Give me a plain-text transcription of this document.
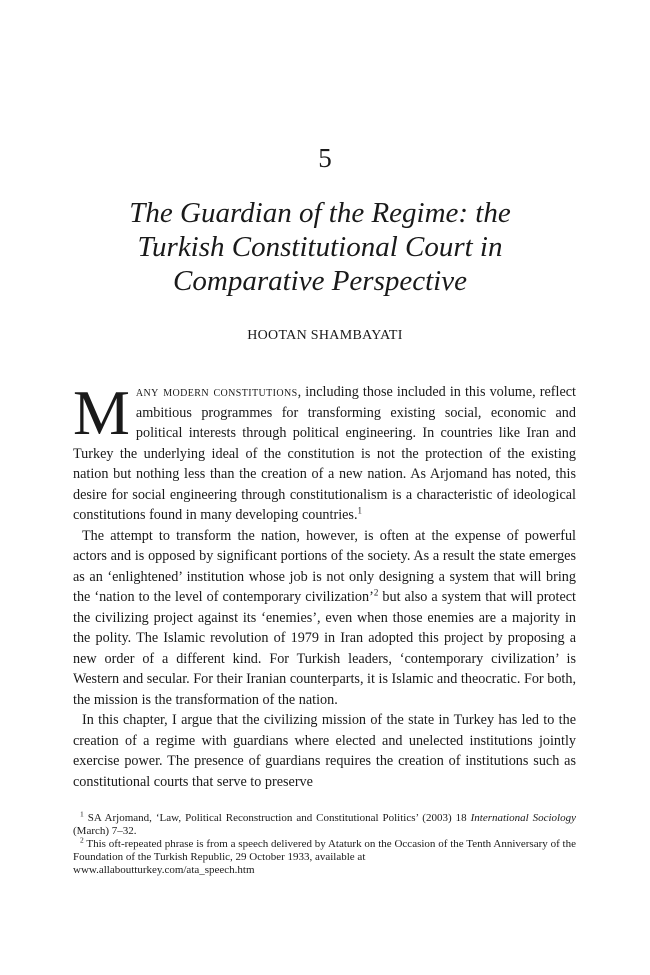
5
The Guardian of the Regime: the
Turkish Constitutional Court in
Comparative Perspective
HOOTAN SHAMBAYATI

Many modern constitutions, including those included in this volume, reflect ambitious programmes for transforming existing social, economic and political interests through political engineering. In countries like Iran and Turkey the underlying ideal of the constitution is not the protection of the existing nation but nothing less than the creation of a new nation. As Arjomand has noted, this desire for social engineering through constitutionalism is a characteristic of ideological constitutions found in many developing countries.$^1$

The attempt to transform the nation, however, is often at the expense of powerful actors and is opposed by significant portions of the society. As a result the state emerges as an ‘enlightened’ institution whose job is not only designing a system that will bring the ‘nation to the level of contemporary civilization’$^2$ but also a system that will protect the civilizing project against its ‘enemies’, even when those enemies are a majority in the polity. The Islamic revolution of 1979 in Iran adopted this project by proposing a new order of a different kind. For Turkish leaders, ‘contemporary civilization’ is Western and secular. For their Iranian counterparts, it is Islamic and theocratic. For both, the mission is the transformation of the nation.

In this chapter, I argue that the civilizing mission of the state in Turkey has led to the creation of a regime with guardians where elected and unelected institutions jointly exercise power. The presence of guardians requires the creation of institutions such as constitutional courts that serve to preserve

$^1$ SA Arjomand, ‘Law, Political Reconstruction and Constitutional Politics’ (2003) 18 International Sociology (March) 7–32.

$^2$ This oft-repeated phrase is from a speech delivered by Ataturk on the Occasion of the Tenth Anniversary of the Foundation of the Turkish Republic, 29 October 1933, available at
www.allaboutturkey.com/ata_speech.htm
